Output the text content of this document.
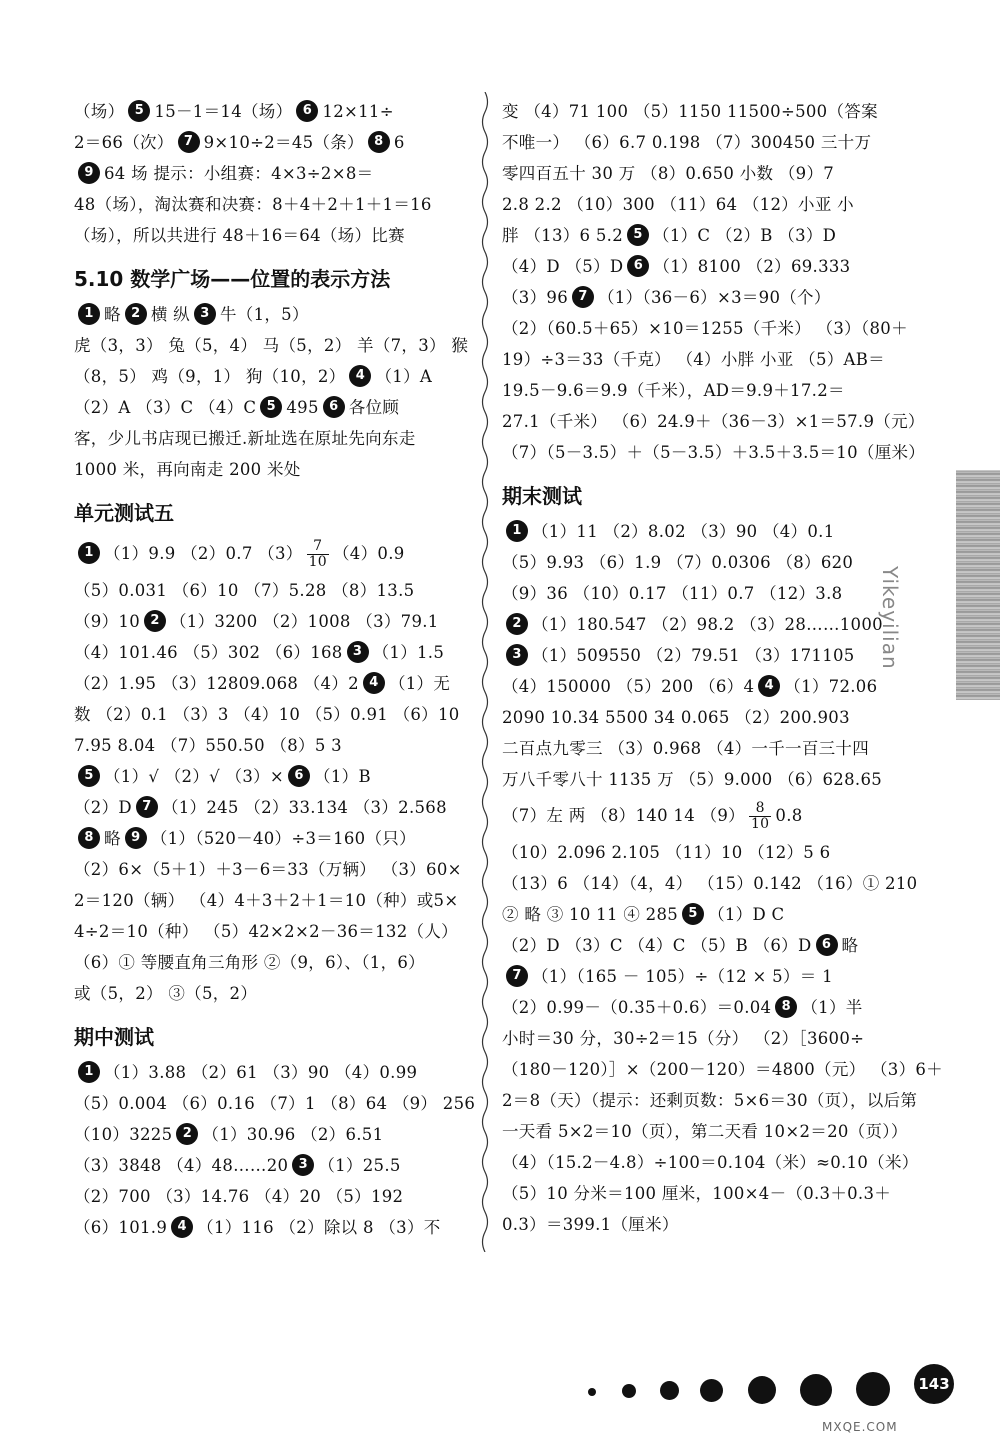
（场） 5 15－1＝14（场） 6 12×11÷
2＝66（次） 7 9×10÷2＝45（条） 8 6
9 64 场 提示：小组赛：4×3÷2×8＝
48（场），淘汰赛和决赛：8＋4＋2＋1＋1＝16
（场），所以共进行 48＋16＝64（场）比赛
5.10 数学广场——位置的表示方法
1 略 2 横 纵 3 牛（1，5）
虎（3，3） 兔（5，4） 马（5，2） 羊（7，3） 猴
（8，5） 鸡（9，1） 狗（10，2） 4 （1）A
（2）A （3）C （4）C 5 495 6 各位顾
客，少儿书店现已搬迁.新址选在原址先向东走
1000 米，再向南走 200 米处
单元测试五
1 （1）9.9 （2）0.7 $(3) \frac{7}{10} (4)0.9$
（5）0.031 （6）10 （7）5.28 （8）13.5
（9）10 2 （1）3200 （2）1008 （3）79.1
（4）101.46 （5）302 （6）168 3 （1）1.5
（2）1.95 （3）12809.068 （4）2 4 （1）无
数 （2）0.1 （3）3 （4）10 （5）0.91 （6）10
7.95 8.04 （7）550.50 （8）5 3
5 （1）√ （2）√ （3）× 6 （1）B
（2）D 7 （1）245 （2）33.134 （3）2.568
8 略 9 （1）（520－40）÷3＝160（只）
（2）6×（5＋1）＋3－6＝33（万辆） （3）60×
2＝120（辆） （4）4＋3＋2＋1＝10（种）或5×
4÷2＝10（种） （5）42×2×2－36＝132（人）
（6）① 等腰直角三角形 ②（9，6）、（1，6）
或（5，2） ③（5，2）
期中测试
1 （1）3.88 （2）61 （3）90 （4）0.99
（5）0.004 （6）0.16 （7）1 （8）64 （9） 256
（10）3225 2 （1）30.96 （2）6.51
（3）3848 （4）48……20 3 （1）25.5
（2）700 （3）14.76 （4）20 （5）192
（6）101.9 4 （1）116 （2）除以 8 （3）不
变 （4）71 100 （5）1150 11500÷500（答案
不唯一） （6）6.7 0.198 （7）300450 三十万
零四百五十 30 万 （8）0.650 小数 （9）7
2.8 2.2 （10）300 （11）64 （12）小亚 小
胖 （13）6 5.2 5 （1）C （2）B （3）D
（4）D （5）D 6 （1）8100 （2）69.333
（3）96 7 （1）（36－6）×3＝90（个）
（2）（60.5＋65）×10＝1255（千米） （3）（80＋
19）÷3＝33（千克） （4）小胖 小亚 （5）AB＝
19.5－9.6＝9.9（千米），AD＝9.9＋17.2＝
27.1（千米） （6）24.9＋（36－3）×1＝57.9（元）
（7）（5－3.5）＋（5－3.5）＋3.5＋3.5＝10（厘米）
期末测试
1 （1）11 （2）8.02 （3）90 （4）0.1
（5）9.93 （6）1.9 （7）0.0306 （8）620
（9）36 （10）0.17 （11）0.7 （12）3.8
2 （1）180.547 （2）98.2 （3）28……1000
3 （1）509550 （2）79.51 （3）171105
（4）150000 （5）200 （6）4 4 （1）72.06
2090 10.34 5500 34 0.065 （2）200.903
二百点九零三 （3）0.968 （4）一千一百三十四
万八千零八十 1135 万 （5）9.000 （6）628.65
（7）左 两 （8）140 14 $(9) \frac{8}{10} 0.8$
（10）2.096 2.105 （11）10 （12）5 6
（13）6 （14）（4，4） （15）0.142 （16）① 210
② 略 ③ 10 11 ④ 285 5 （1）D C
（2）D （3）C （4）C （5）B （6）D 6 略
7 （1）（165 － 105）÷（12 × 5）＝ 1
（2）0.99－（0.35＋0.6）＝0.04 8 （1）半
小时＝30 分，30÷2＝15（分） （2）［3600÷
（180－120）］×（200－120）＝4800（元） （3）6＋
2＝8（天）（提示：还剩页数：5×6＝30（页），以后第
一天看 5×2＝10（页），第二天看 10×2＝20（页））
（4）（15.2－4.8）÷100＝0.104（米）≈0.10（米）
（5）10 分米＝100 厘米，100×4－（0.3＋0.3＋
0.3）＝399.1（厘米）
Yikeyilian
143
MXQE.COM
